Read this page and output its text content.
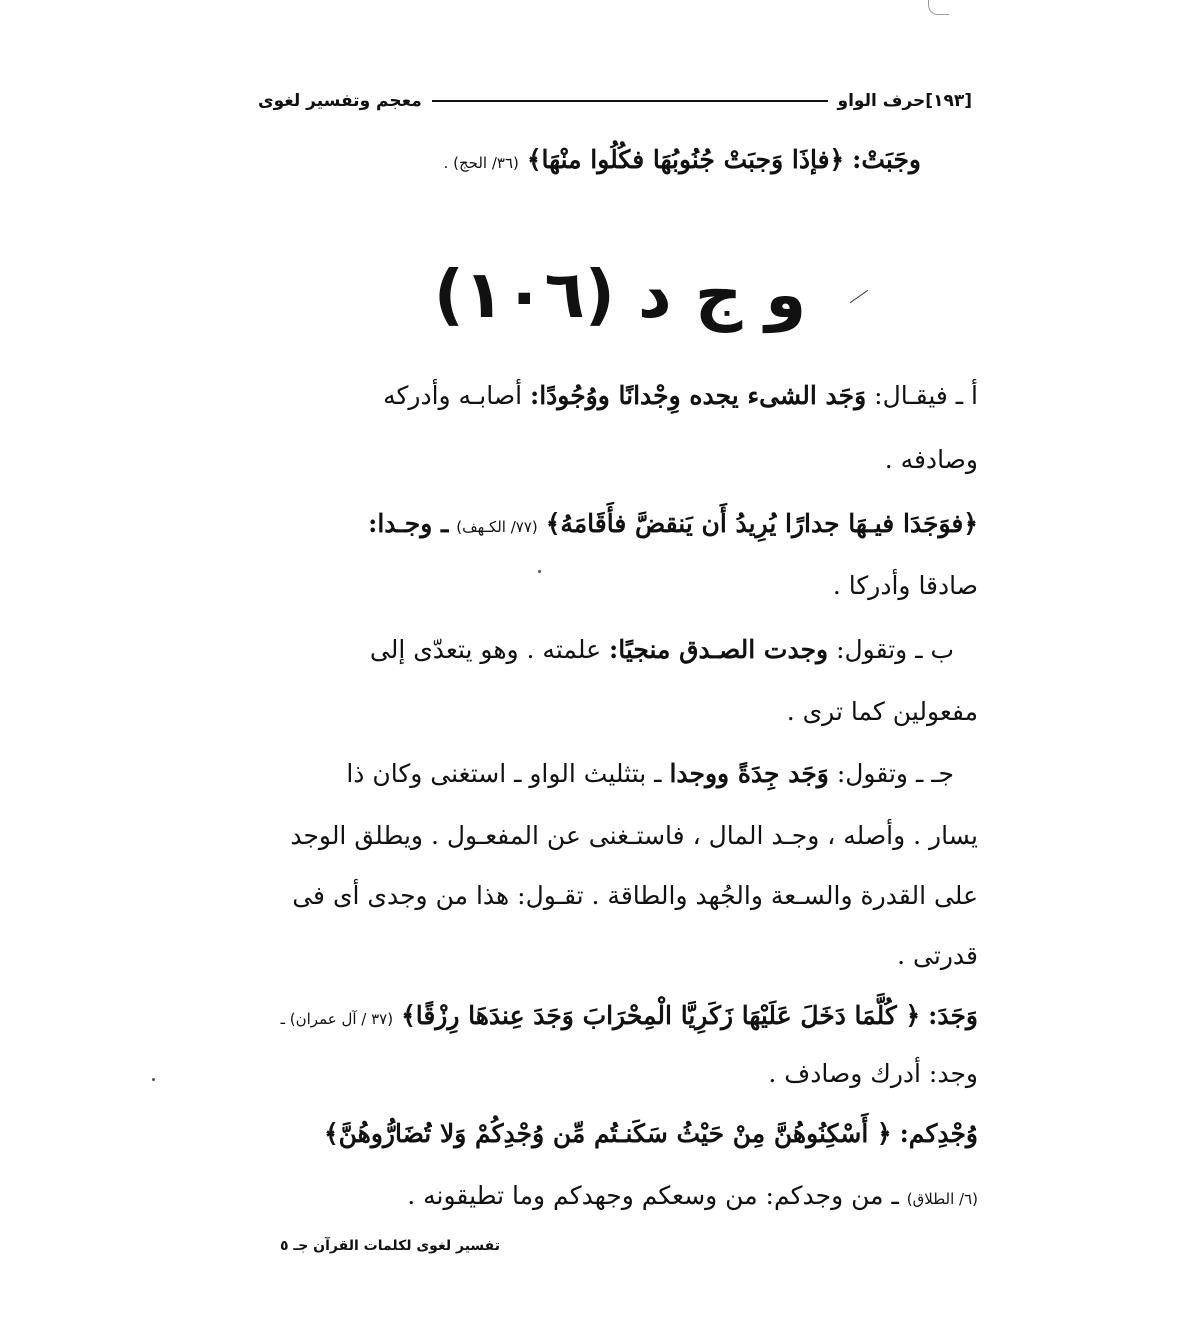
معجم وتفسير لغوى	حرف الواو [١٩٣]
وجَبَتْ: ﴿فإذَا وَجبَتْ جُنُوبُهَا فكُلُوا منْهَا﴾ (٣٦/ الحج) .
و ج د (١٠٦)
أ ـ فيقـال: وَجَد الشىء يجده وِجْدانًا ووُجُودًا: أصابـه وأدركه
وصادفه .
﴿فوَجَدَا فيـهَا جدارًا يُرِيدُ أَن يَنقضَّ فأَقَامَهُ﴾ (٧٧/ الكـهف) ـ وجـدا:
صادقا وأدركا .
ب ـ وتقول: وجدت الصـدق منجيًا: علمته . وهو يتعدّى إلى
مفعولين كما ترى .
جـ ـ وتقول: وَجَد جِدَةً ووجدا ـ بتثليث الواو ـ استغنى وكان ذا
يسار . وأصله ، وجـد المال ، فاستـغنى عن المفعـول . ويطلق الوجد
على القدرة والسـعة والجُهد والطاقة . تقـول: هذا من وجدى أى فى
قدرتى .
وَجَدَ: ﴿ كُلَّمَا دَخَلَ عَلَيْهَا زَكَرِيَّا الْمِحْرَابَ وَجَدَ عِندَهَا رِزْقًا﴾ (٣٧ / آل عمران) ـ
وجد: أدرك وصادف .
وُجْدِكم: ﴿ أَسْكِنُوهُنَّ مِنْ حَيْثُ سَكَنـتُم مِّن وُجْدِكُمْ وَلا تُضَارُّوهُنَّ﴾
(٦/ الطلاق) ـ من وجدكم: من وسعكم وجهدكم وما تطيقونه .
تفسير لغوى لكلمات القرآن جـ ٥
